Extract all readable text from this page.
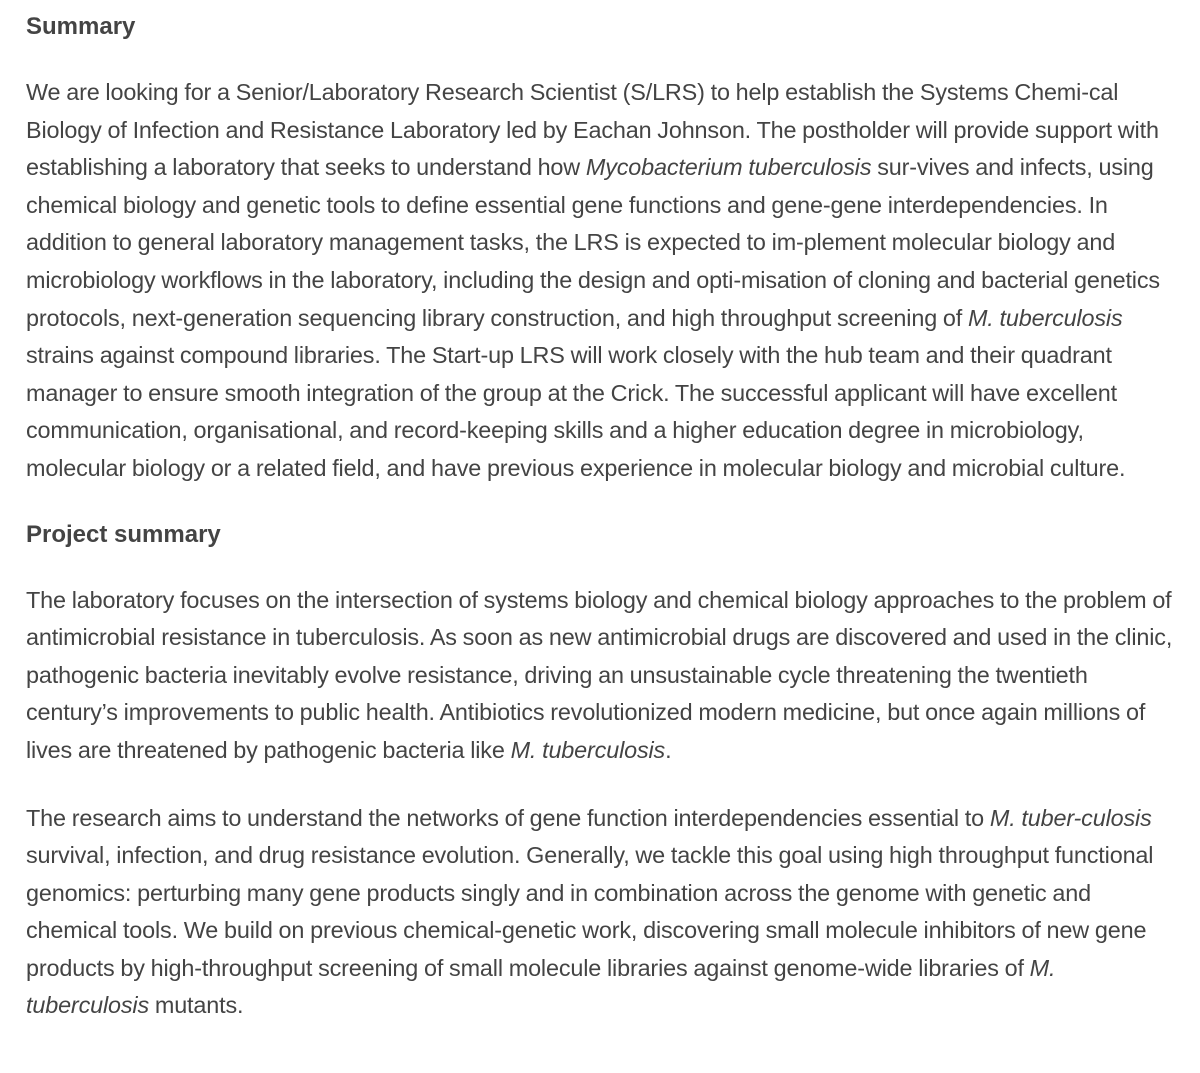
Summary

We are looking for a Senior/Laboratory Research Scientist (S/LRS) to help establish the Systems Chemi-cal Biology of Infection and Resistance Laboratory led by Eachan Johnson. The postholder will provide support with establishing a laboratory that seeks to understand how Mycobacterium tuberculosis sur-vives and infects, using chemical biology and genetic tools to define essential gene functions and gene-gene interdependencies. In addition to general laboratory management tasks, the LRS is expected to im-plement molecular biology and microbiology workflows in the laboratory, including the design and opti-misation of cloning and bacterial genetics protocols, next-generation sequencing library construction, and high throughput screening of M. tuberculosis strains against compound libraries. The Start-up LRS will work closely with the hub team and their quadrant manager to ensure smooth integration of the group at the Crick. The successful applicant will have excellent communication, organisational, and record-keeping skills and a higher education degree in microbiology, molecular biology or a related field, and have previous experience in molecular biology and microbial culture.

Project summary

The laboratory focuses on the intersection of systems biology and chemical biology approaches to the problem of antimicrobial resistance in tuberculosis. As soon as new antimicrobial drugs are discovered and used in the clinic, pathogenic bacteria inevitably evolve resistance, driving an unsustainable cycle threatening the twentieth century’s improvements to public health. Antibiotics revolutionized modern medicine, but once again millions of lives are threatened by pathogenic bacteria like M. tuberculosis.

The research aims to understand the networks of gene function interdependencies essential to M. tuber-culosis survival, infection, and drug resistance evolution. Generally, we tackle this goal using high throughput functional genomics: perturbing many gene products singly and in combination across the genome with genetic and chemical tools. We build on previous chemical-genetic work, discovering small molecule inhibitors of new gene products by high-throughput screening of small molecule libraries against genome-wide libraries of M. tuberculosis mutants.
